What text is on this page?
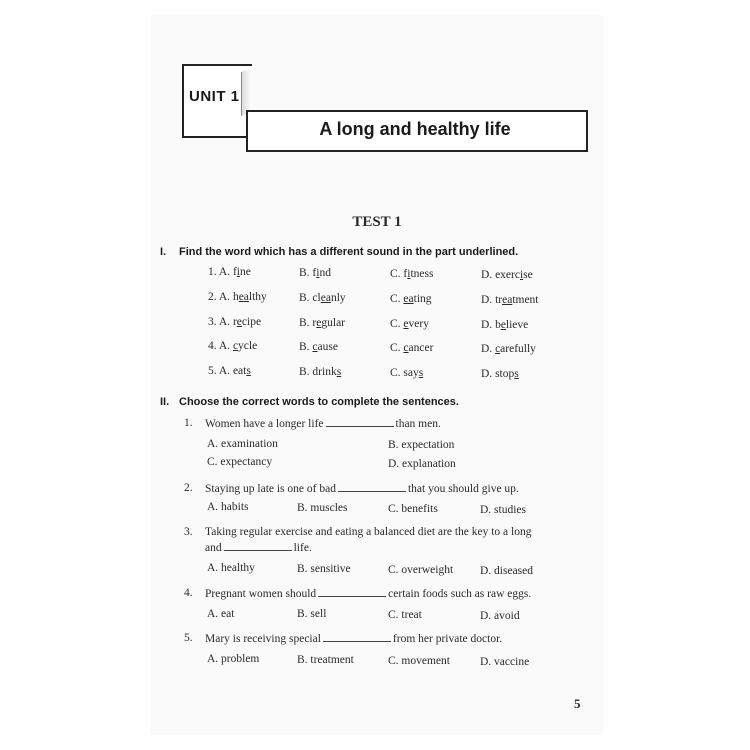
UNIT 1
A long and healthy life
TEST 1
I. Find the word which has a different sound in the part underlined.
1. A. fine	B. find	C. fitness	D. exercise
2. A. healthy	B. cleanly	C. eating	D. treatment
3. A. recipe	B. regular	C. every	D. believe
4. A. cycle	B. cause	C. cancer	D. carefully
5. A. eats	B. drinks	C. says	D. stops
II. Choose the correct words to complete the sentences.
1. Women have a longer life	than men.
A. examination	B. expectation
C. expectancy	D. explanation
2. Staying up late is one of bad	that you should give up.
A. habits	B. muscles	C. benefits	D. studies
3. Taking regular exercise and eating a balanced diet are the key to a long
and	life.
A. healthy	B. sensitive	C. overweight D. diseased
4. Pregnant women should	certain foods such as raw eggs.
A. eat	B. sell	C. treat	D. avoid
5. Mary is receiving special	from her private doctor.
A. problem	B. treatment	C. movement	D. vaccine
5
